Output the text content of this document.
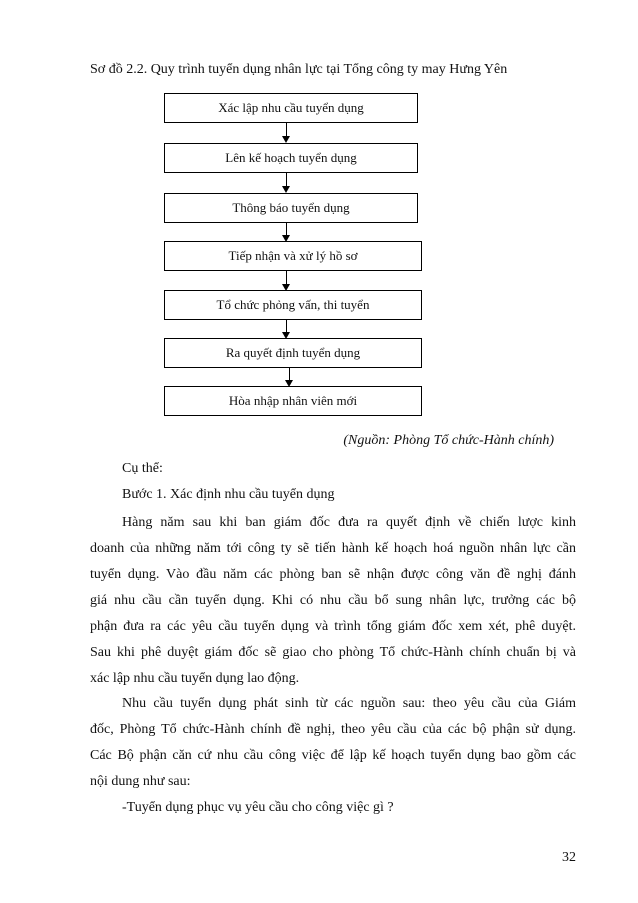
Sơ đồ 2.2. Quy trình tuyển dụng nhân lực tại Tổng công ty may Hưng Yên
Xác lập nhu cầu tuyển dụng
Lên kế hoạch tuyển dụng
Thông báo tuyển dụng
Tiếp nhận và xử lý hồ sơ
Tổ chức phỏng vấn, thi tuyển
Ra quyết định tuyển dụng
Hòa nhập nhân viên mới
(Nguồn: Phòng Tổ chức-Hành chính)
Cụ thể:
Bước 1. Xác định nhu cầu tuyển dụng
Hàng năm sau khi ban giám đốc đưa ra quyết định về chiến lược kinh
doanh của những năm tới công ty sẽ tiến hành kế hoạch hoá nguồn nhân lực cần
tuyển dụng. Vào đầu năm các phòng ban sẽ nhận được công văn đề nghị đánh
giá nhu cầu cần tuyển dụng. Khi có nhu cầu bổ sung nhân lực, trưởng các bộ
phận đưa ra các yêu cầu tuyển dụng và trình tổng giám đốc xem xét, phê duyệt.
Sau khi phê duyệt giám đốc sẽ giao cho phòng Tổ chức-Hành chính chuẩn bị và
xác lập nhu cầu tuyển dụng lao động.
Nhu cầu tuyển dụng phát sinh từ các nguồn sau: theo yêu cầu của Giám
đốc, Phòng Tổ chức-Hành chính đề nghị, theo yêu cầu của các bộ phận sử dụng.
Các Bộ phận căn cứ nhu cầu công việc để lập kế hoạch tuyển dụng bao gồm các
nội dung như sau:
-Tuyển dụng phục vụ yêu cầu cho công việc gì ?
32
